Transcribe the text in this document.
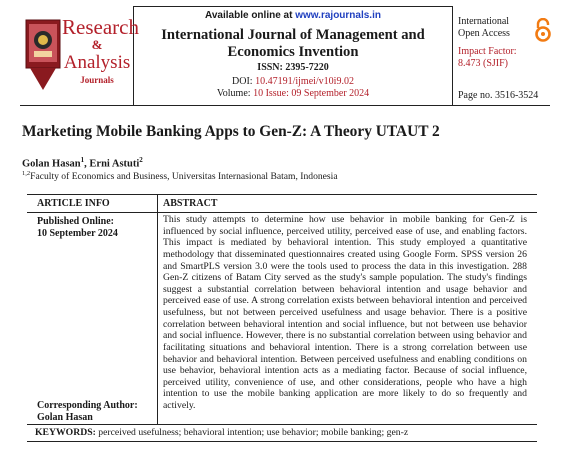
Research
&
Analysis
Journals
Available online at www.rajournals.in
International Journal of Management and Economics Invention
ISSN: 2395-7220
DOI: 10.47191/ijmei/v10i9.02
Volume: 10 Issue: 09 September 2024
International
Open Access
Impact Factor:
8.473 (SJIF)
Page no. 3516-3524
Marketing Mobile Banking Apps to Gen-Z: A Theory UTAUT 2
Golan Hasan$^1$, Erni Astuti$^2$
$^{1,2}$Faculty of Economics and Business, Universitas Internasional Batam, Indonesia
ARTICLE INFO	ABSTRACT
Published Online:
10 September 2024
Corresponding Author:
Golan Hasan
This study attempts to determine how use behavior in mobile banking for Gen-Z is influenced by social influence, perceived utility, perceived ease of use, and enabling factors. This impact is mediated by behavioral intention. This study employed a quantitative methodology that disseminated questionnaires created using Google Form. SPSS version 26 and SmartPLS version 3.0 were the tools used to process the data in this investigation. 288 Gen-Z citizens of Batam City served as the study's sample population. The study's findings suggest a substantial correlation between behavioral intention and usage behavior and perceived ease of use. A strong correlation exists between behavioral intention and perceived usefulness, but not between perceived usefulness and usage behavior. There is a positive correlation between behavioral intention and social influence, but not between use behavior and social influence. However, there is no substantial correlation between using behavior and facilitating situations and behavioral intention. There is a strong correlation between use behavior and behavioral intention. Between perceived usefulness and enabling conditions on use behavior, behavioral intention acts as a mediating factor. Because of social influence, perceived utility, convenience of use, and other considerations, people who have a high intention to use the mobile banking application are more likely to do so frequently and actively.
KEYWORDS: perceived usefulness; behavioral intention; use behavior; mobile banking; gen-z
